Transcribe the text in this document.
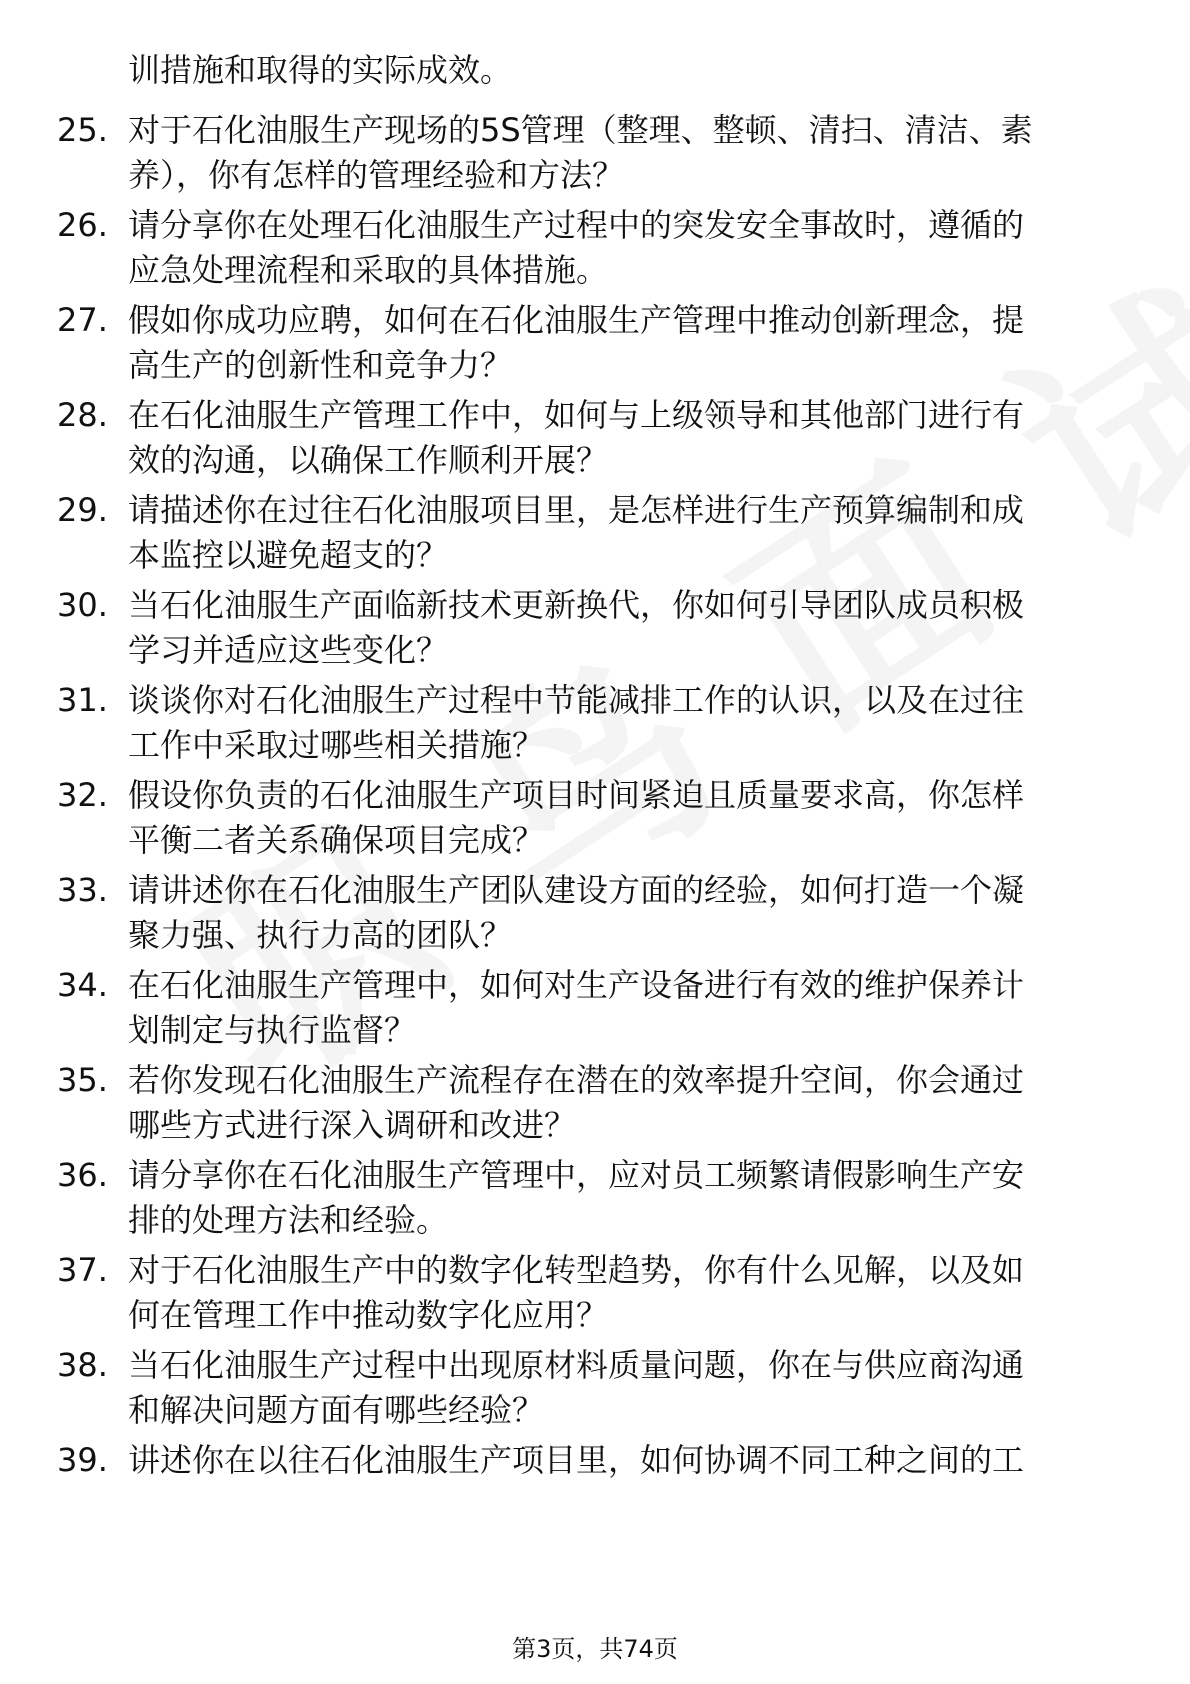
训措施和取得的实际成效。
25. 对于石化油服生产现场的5S管理（整理、整顿、清扫、清洁、素
养），你有怎样的管理经验和方法？
26. 请分享你在处理石化油服生产过程中的突发安全事故时，遵循的
应急处理流程和采取的具体措施。
27. 假如你成功应聘，如何在石化油服生产管理中推动创新理念，提
高生产的创新性和竞争力？
28. 在石化油服生产管理工作中，如何与上级领导和其他部门进行有
效的沟通，以确保工作顺利开展？
29. 请描述你在过往石化油服项目里，是怎样进行生产预算编制和成
本监控以避免超支的？
30. 当石化油服生产面临新技术更新换代，你如何引导团队成员积极
学习并适应这些变化？
31. 谈谈你对石化油服生产过程中节能减排工作的认识，以及在过往
工作中采取过哪些相关措施？
32. 假设你负责的石化油服生产项目时间紧迫且质量要求高，你怎样
平衡二者关系确保项目完成？
33. 请讲述你在石化油服生产团队建设方面的经验，如何打造一个凝
聚力强、执行力高的团队？
34. 在石化油服生产管理中，如何对生产设备进行有效的维护保养计
划制定与执行监督？
35. 若你发现石化油服生产流程存在潜在的效率提升空间，你会通过
哪些方式进行深入调研和改进？
36. 请分享你在石化油服生产管理中，应对员工频繁请假影响生产安
排的处理方法和经验。
37. 对于石化油服生产中的数字化转型趋势，你有什么见解，以及如
何在管理工作中推动数字化应用？
38. 当石化油服生产过程中出现原材料质量问题，你在与供应商沟通
和解决问题方面有哪些经验？
39. 讲述你在以往石化油服生产项目里，如何协调不同工种之间的工
第3页，共74页
